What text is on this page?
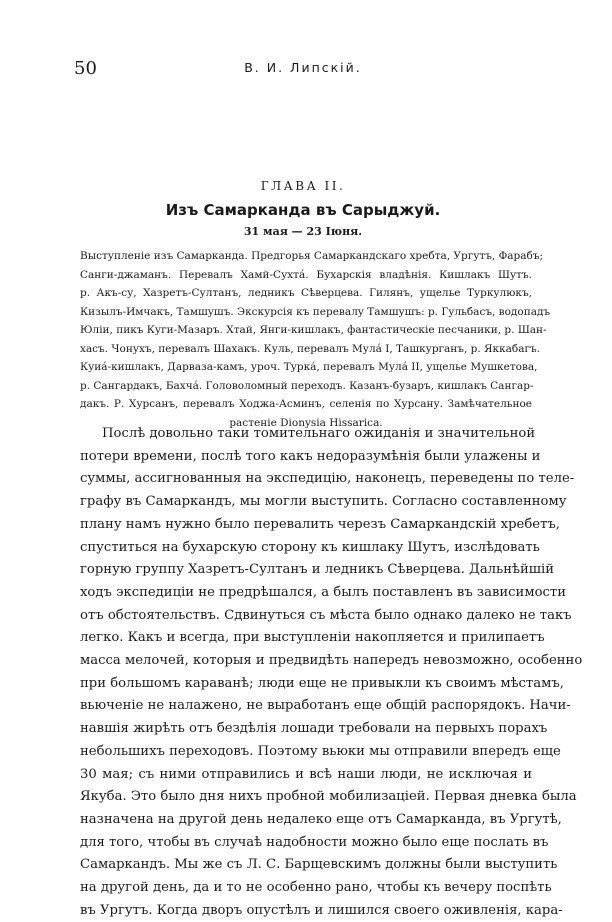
50	В. И. Липскій.
ГЛАВА II.
Изъ Самарканда въ Сарыджуй.
31 мая — 23 Іюня.
Выступленіе изъ Самарканда. Предгорья Самаркандскаго хребта, Ургутъ, Фарабъ;
Санги-джаманъ. Перевалъ Хамй-Сухтá. Бухарскія владѣнія. Кишлакъ Шутъ.
р. Акъ-су, Хазретъ-Султанъ, ледникъ Сѣверцева. Гилянъ, ущелье Туркулюкъ,
Кизылъ-Имчакъ, Тамшушъ. Экскурсія къ перевалу Тамшушъ: р. Гульбасъ, водопадъ
Юліи, пикъ Куги-Мазаръ. Хтай, Янги-кишлакъ, фантастическіе песчаники, р. Шан-
хасъ. Чонухъ, перевалъ Шахакъ. Куль, перевалъ Мулá I, Ташкурганъ, р. Яккабагъ.
Куиá-кишлакъ, Дарваза-камъ, уроч. Туркá, перевалъ Мулá II, ущелье Мушкетова,
р. Сангардакъ, Бахчá. Головоломный переходъ. Казанъ-бузаръ, кишлакъ Сангар-
дакъ. Р. Хурсанъ, перевалъ Ходжа-Асминъ, селенія по Хурсану. Замѣчательное
растеніе Dionysia Hissarica.
Послѣ довольно таки томительнаго ожиданія и значительной
потери времени, послѣ того какъ недоразумѣнія были улажены и
суммы, ассигнованныя на экспедицію, наконецъ, переведены по теле-
графу въ Самаркандъ, мы могли выступить. Согласно составленному
плану намъ нужно было перевалить черезъ Самаркандскій хребетъ,
спуститься на бухарскую сторону къ кишлаку Шутъ, изслѣдовать
горную группу Хазретъ-Султанъ и ледникъ Сѣверцева. Дальнѣйшій
ходъ экспедиціи не предрѣшался, а былъ поставленъ въ зависимости
отъ обстоятельствъ. Сдвинуться съ мѣста было однако далеко не такъ
легко. Какъ и всегда, при выступленіи накопляется и прилипаетъ
масса мелочей, которыя и предвидѣть напередъ невозможно, особенно
при большомъ караванѣ; люди еще не привыкли къ своимъ мѣстамъ,
вьюченіе не налажено, не выработанъ еще общій распорядокъ. Начи-
навшія жирѣть отъ бездѣлія лошади требовали на первыхъ порахъ
небольшихъ переходовъ. Поэтому вьюки мы отправили впередъ еще
30 мая; съ ними отправились и всѣ наши люди, не исключая и
Якуба. Это было дня нихъ пробной мобилизаціей. Первая дневка была
назначена на другой день недалеко еще отъ Самарканда, въ Ургутѣ,
для того, чтобы въ случаѣ надобности можно было еще послать въ
Самаркандъ. Мы же съ Л. С. Барщевскимъ должны были выступить
на другой день, да и то не особенно рано, чтобы къ вечеру поспѣть
въ Ургутъ. Когда дворъ опустѣлъ и лишился своего оживленія, кара-
